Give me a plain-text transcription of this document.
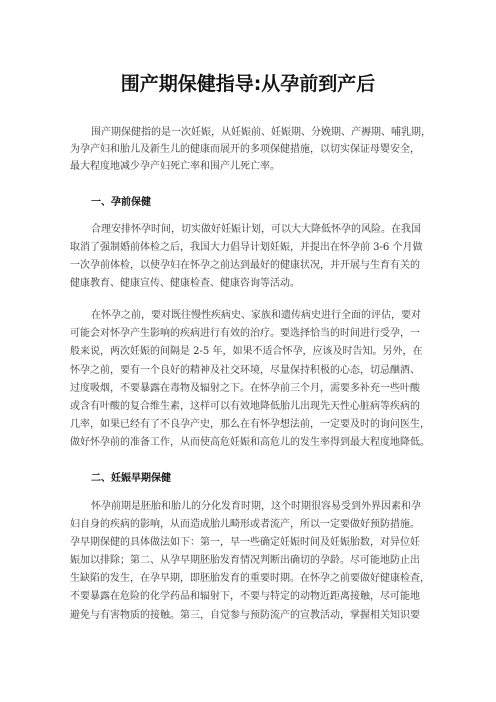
围产期保健指导:从孕前到产后
围产期保健指的是一次妊娠，从妊娠前、妊娠期、分娩期、产褥期、哺乳期，
为孕产妇和胎儿及新生儿的健康而展开的多项保健措施，以切实保证母婴安全，
最大程度地减少孕产妇死亡率和围产儿死亡率。
一、孕前保健
合理安排怀孕时间，切实做好妊娠计划，可以大大降低怀孕的风险。在我国
取消了强制婚前体检之后，我国大力倡导计划妊娠，并提出在怀孕前 3-6 个月做
一次孕前体检，以使孕妇在怀孕之前达到最好的健康状况，并开展与生育有关的
健康教育、健康宣传、健康检查、健康咨询等活动。
在怀孕之前，要对既往慢性疾病史、家族和遗传病史进行全面的评估，要对
可能会对怀孕产生影响的疾病进行有效的治疗。要选择恰当的时间进行受孕，一
般来说，两次妊娠的间隔是 2-5 年，如果不适合怀孕，应该及时告知。另外，在
怀孕之前，要有一个良好的精神及社交环境，尽量保持积极的心态，切忌酗酒、
过度吸烟，不要暴露在毒物及辐射之下。在怀孕前三个月，需要多补充一些叶酸
或含有叶酸的复合维生素，这样可以有效地降低胎儿出现先天性心脏病等疾病的
几率，如果已经有了不良孕产史，那么在有怀孕想法前，一定要及时的询问医生，
做好怀孕前的准备工作，从而使高危妊娠和高危儿的发生率得到最大程度地降低。
二、妊娠早期保健
怀孕前期是胚胎和胎儿的分化发育时期，这个时期很容易受到外界因素和孕
妇自身的疾病的影响，从而造成胎儿畸形或者流产，所以一定要做好预防措施。
孕早期保健的具体做法如下：第一，早一些确定妊娠时间及妊娠胎数，对异位妊
娠加以排除；第二、从孕早期胚胎发育情况判断出确切的孕龄。尽可能地防止出
生缺陷的发生，在孕早期，即胚胎发育的重要时期。在怀孕之前要做好健康检查，
不要暴露在危险的化学药品和辐射下，不要与特定的动物近距离接触，尽可能地
避免与有害物质的接触。第三，自觉参与预防流产的宣教活动，掌握相关知识要
